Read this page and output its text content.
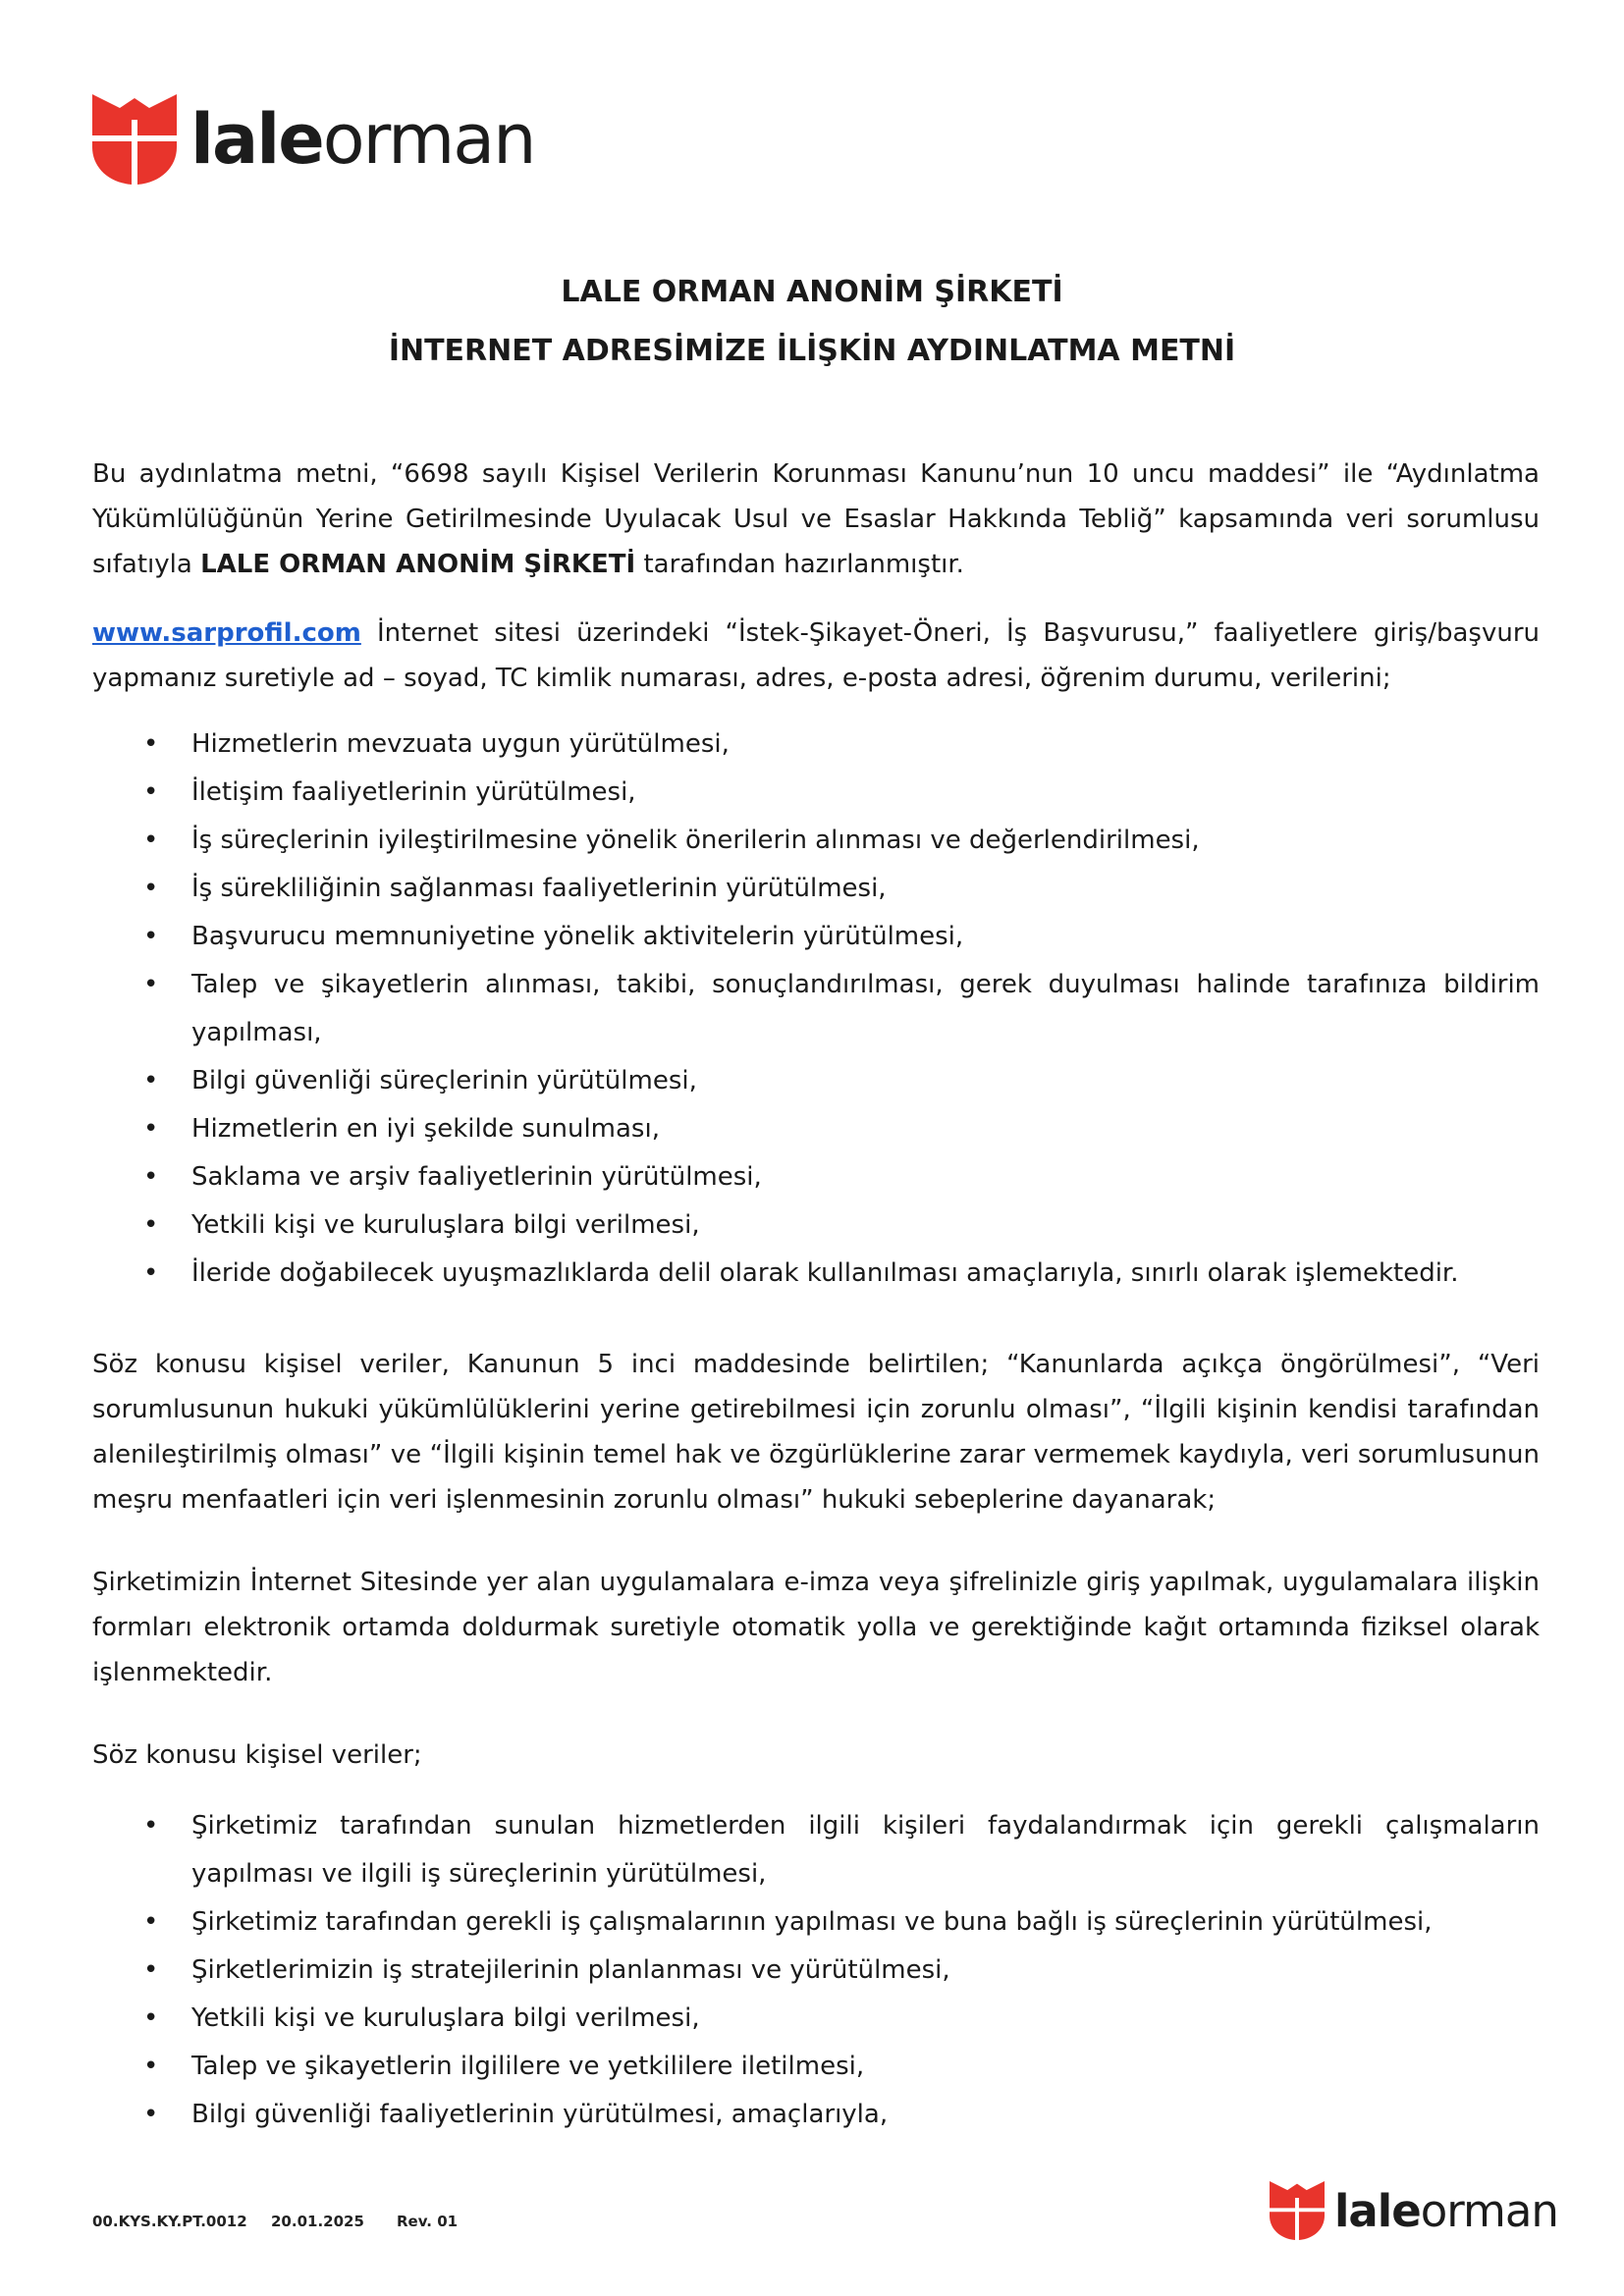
laleorman
LALE ORMAN ANONİM ŞİRKETİ
İNTERNET ADRESİMİZE İLİŞKİN AYDINLATMA METNİ
Bu aydınlatma metni, “6698 sayılı Kişisel Verilerin Korunması Kanunu’nun 10 uncu maddesi” ile “Aydınlatma Yükümlülüğünün Yerine Getirilmesinde Uyulacak Usul ve Esaslar Hakkında Tebliğ” kapsamında veri sorumlusu sıfatıyla LALE ORMAN ANONİM ŞİRKETİ tarafından hazırlanmıştır.
www.sarprofil.com İnternet sitesi üzerindeki “İstek-Şikayet-Öneri, İş Başvurusu,” faaliyetlere giriş/başvuru yapmanız suretiyle ad – soyad, TC kimlik numarası, adres, e-posta adresi, öğrenim durumu, verilerini;
• Hizmetlerin mevzuata uygun yürütülmesi,
• İletişim faaliyetlerinin yürütülmesi,
• İş süreçlerinin iyileştirilmesine yönelik önerilerin alınması ve değerlendirilmesi,
• İş sürekliliğinin sağlanması faaliyetlerinin yürütülmesi,
• Başvurucu memnuniyetine yönelik aktivitelerin yürütülmesi,
• Talep ve şikayetlerin alınması, takibi, sonuçlandırılması, gerek duyulması halinde tarafınıza bildirim yapılması,
• Bilgi güvenliği süreçlerinin yürütülmesi,
• Hizmetlerin en iyi şekilde sunulması,
• Saklama ve arşiv faaliyetlerinin yürütülmesi,
• Yetkili kişi ve kuruluşlara bilgi verilmesi,
• İleride doğabilecek uyuşmazlıklarda delil olarak kullanılması amaçlarıyla, sınırlı olarak işlemektedir.
Söz konusu kişisel veriler, Kanunun 5 inci maddesinde belirtilen; “Kanunlarda açıkça öngörülmesi”, “Veri sorumlusunun hukuki yükümlülüklerini yerine getirebilmesi için zorunlu olması”, “İlgili kişinin kendisi tarafından alenileştirilmiş olması” ve “İlgili kişinin temel hak ve özgürlüklerine zarar vermemek kaydıyla, veri sorumlusunun meşru menfaatleri için veri işlenmesinin zorunlu olması” hukuki sebeplerine dayanarak;
Şirketimizin İnternet Sitesinde yer alan uygulamalara e-imza veya şifrelinizle giriş yapılmak, uygulamalara ilişkin formları elektronik ortamda doldurmak suretiyle otomatik yolla ve gerektiğinde kağıt ortamında fiziksel olarak işlenmektedir.
Söz konusu kişisel veriler;
• Şirketimiz tarafından sunulan hizmetlerden ilgili kişileri faydalandırmak için gerekli çalışmaların yapılması ve ilgili iş süreçlerinin yürütülmesi,
• Şirketimiz tarafından gerekli iş çalışmalarının yapılması ve buna bağlı iş süreçlerinin yürütülmesi,
• Şirketlerimizin iş stratejilerinin planlanması ve yürütülmesi,
• Yetkili kişi ve kuruluşlara bilgi verilmesi,
• Talep ve şikayetlerin ilgililere ve yetkililere iletilmesi,
• Bilgi güvenliği faaliyetlerinin yürütülmesi, amaçlarıyla,
00.KYS.KY.PT.0012	20.01.2025	Rev. 01	laleorman
